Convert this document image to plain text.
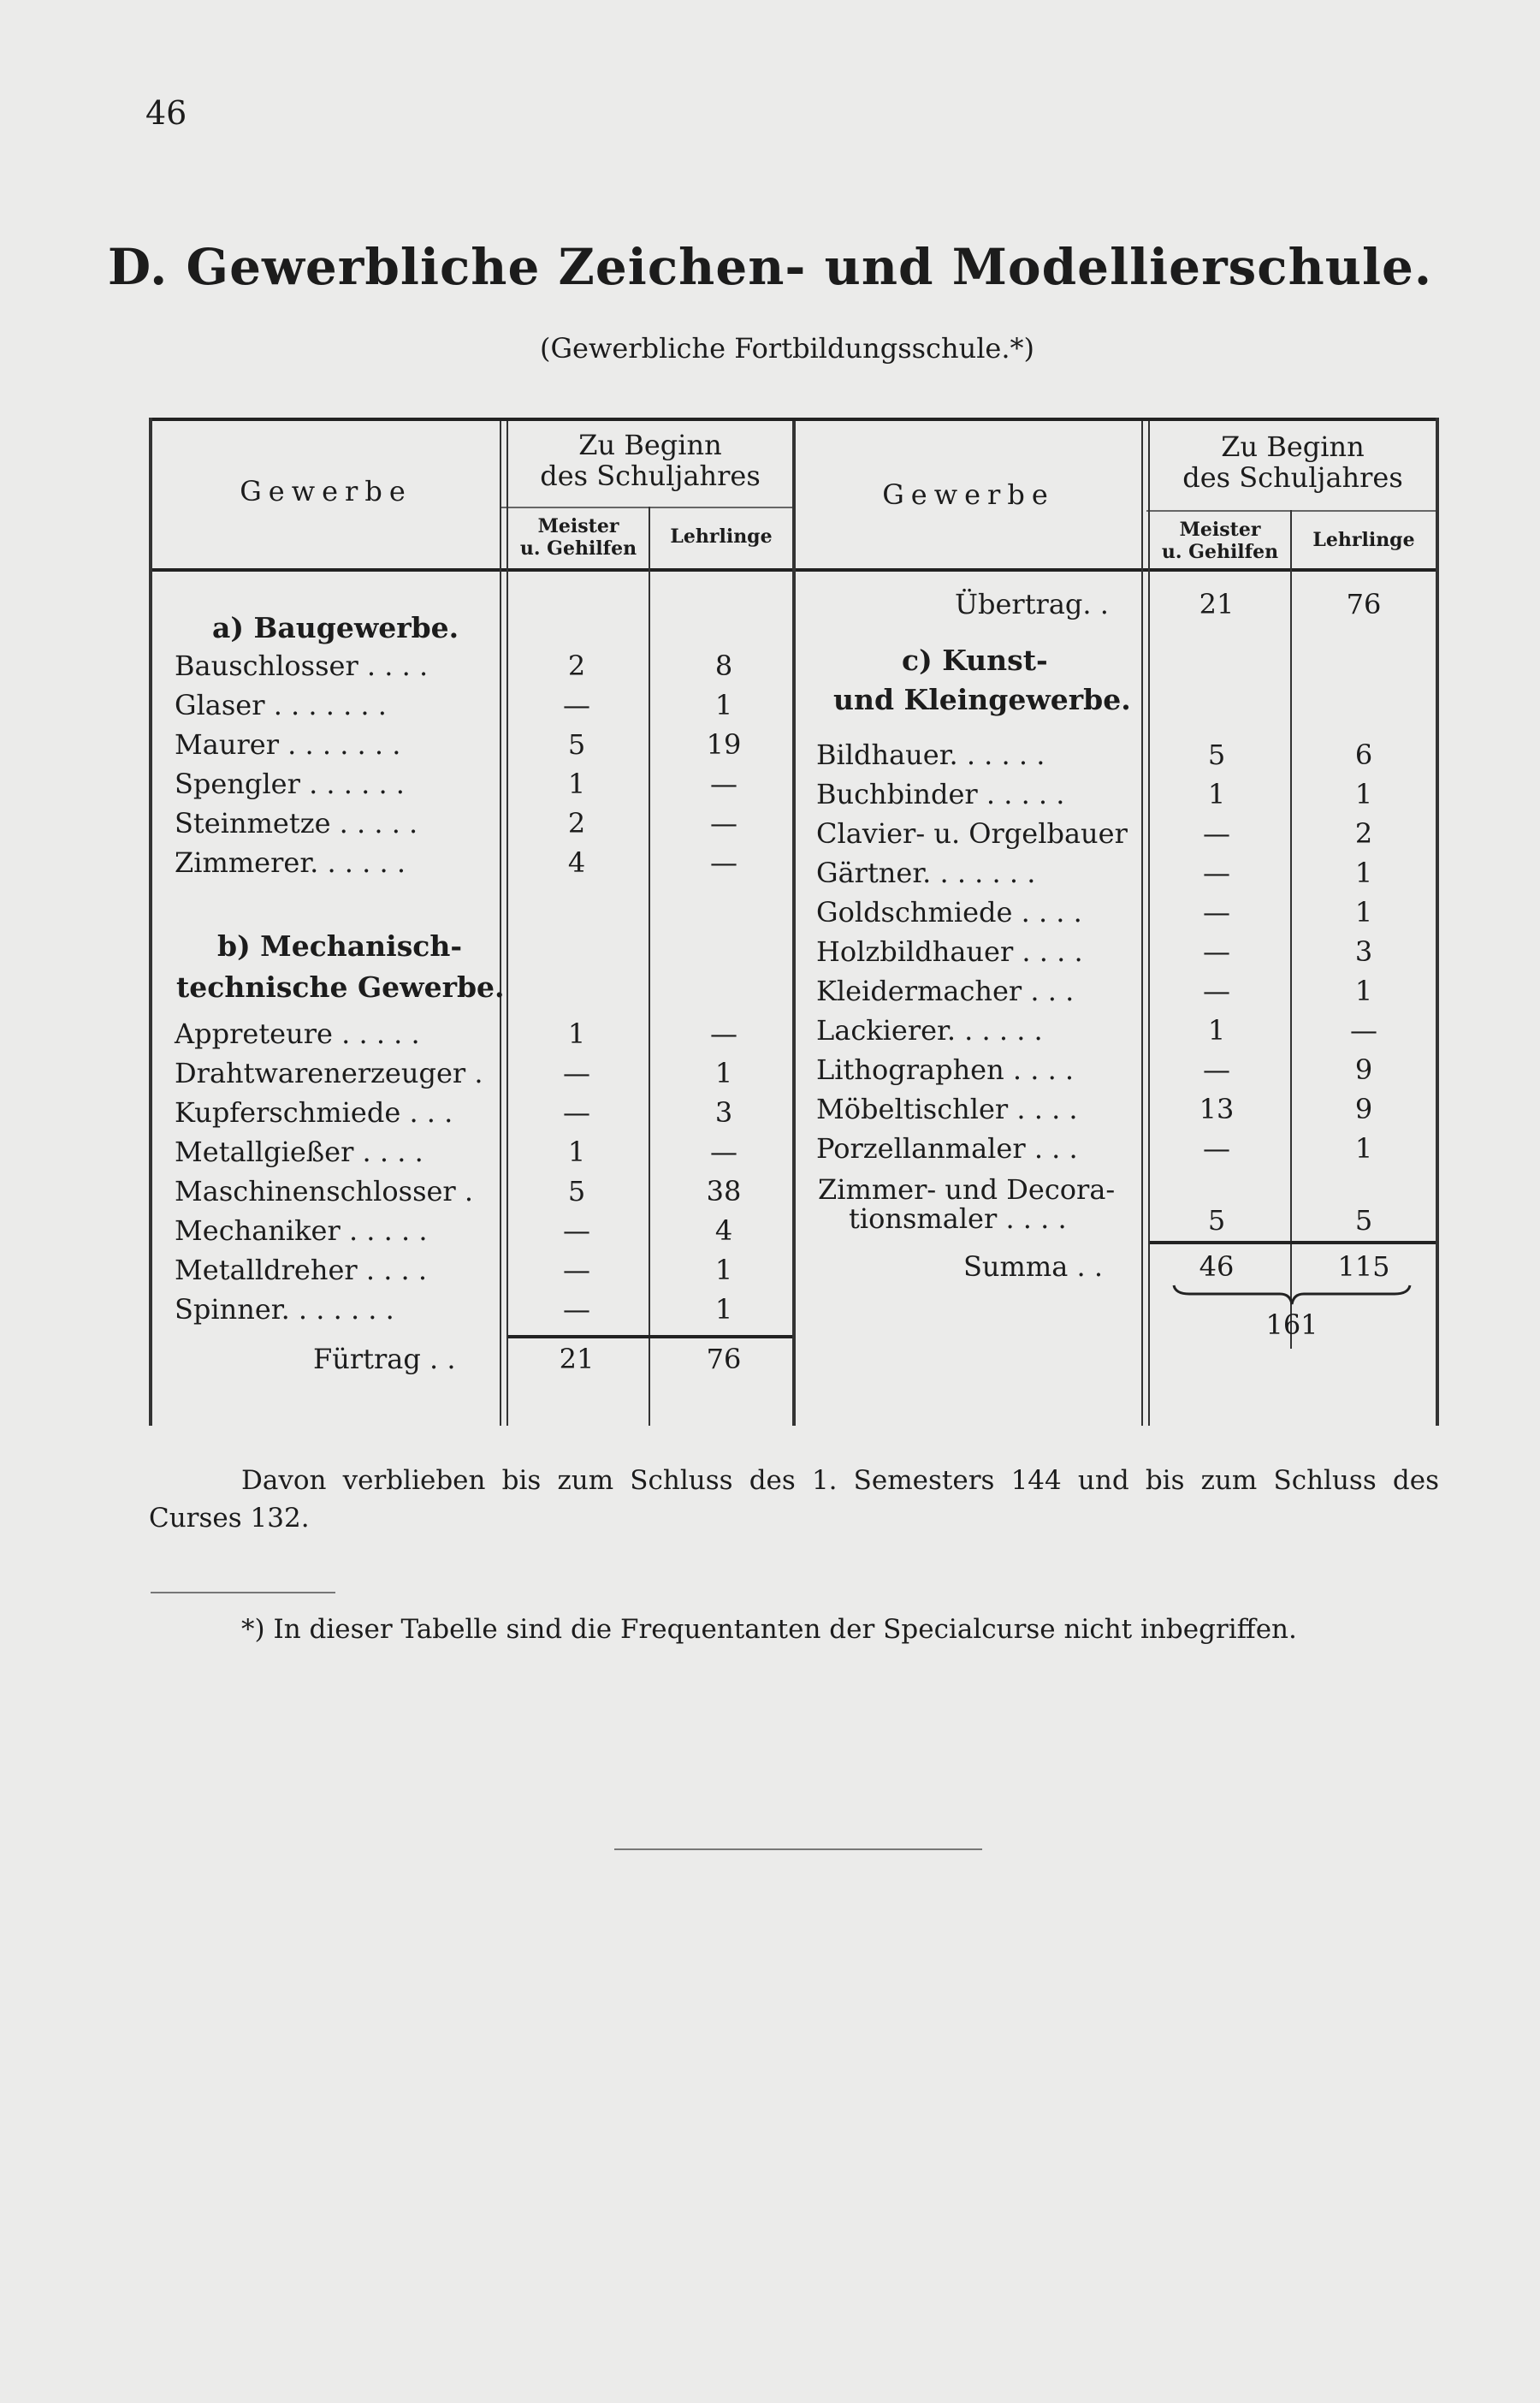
46
D. Gewerbliche Zeichen- und Modellierschule.
(Gewerbliche Fortbildungsschule.*)
Gewerbe
Zu Beginn
des Schuljahres
Meister
u. Gehilfen
Lehrlinge
Gewerbe
Zu Beginn
des Schuljahres
Meister
u. Gehilfen
Lehrlinge
a) Baugewerbe.
Bauschlosser . . . .	2	8
Glaser . . . . . . .	—	1
Maurer . . . . . . .	5	19
Spengler . . . . . .	1	—
Steinmetze . . . . .	2	—
Zimmerer. . . . . .	4	—
b) Mechanisch-
technische Gewerbe.
Appreteure . . . . .	1	—
Drahtwarenerzeuger .	—	1
Kupferschmiede . . .	—	3
Metallgießer . . . .	1	—
Maschinenschlosser .	5	38
Mechaniker . . . . .	—	4
Metalldreher . . . .	—	1
Spinner. . . . . . .	—	1
Fürtrag . .	21	76
Übertrag. .	21	76
c) Kunst-
und Kleingewerbe.
Bildhauer. . . . . .	5	6
Buchbinder . . . . .	1	1
Clavier- u. Orgelbauer	—	2
Gärtner. . . . . . .	—	1
Goldschmiede . . . .	—	1
Holzbildhauer . . . .	—	3
Kleidermacher . . .	—	1
Lackierer. . . . . .	1	—
Lithographen . . . .	—	9
Möbeltischler . . . .	13	9
Porzellanmaler . . .	—	1
Zimmer- und Decora-
tionsmaler . . . .	5	5
Summa . .	46	115
161
Davon verblieben bis zum Schluss des 1. Semesters 144 und bis zum Schluss des
Curses 132.
*) In dieser Tabelle sind die Frequentanten der Specialcurse nicht inbegriffen.
